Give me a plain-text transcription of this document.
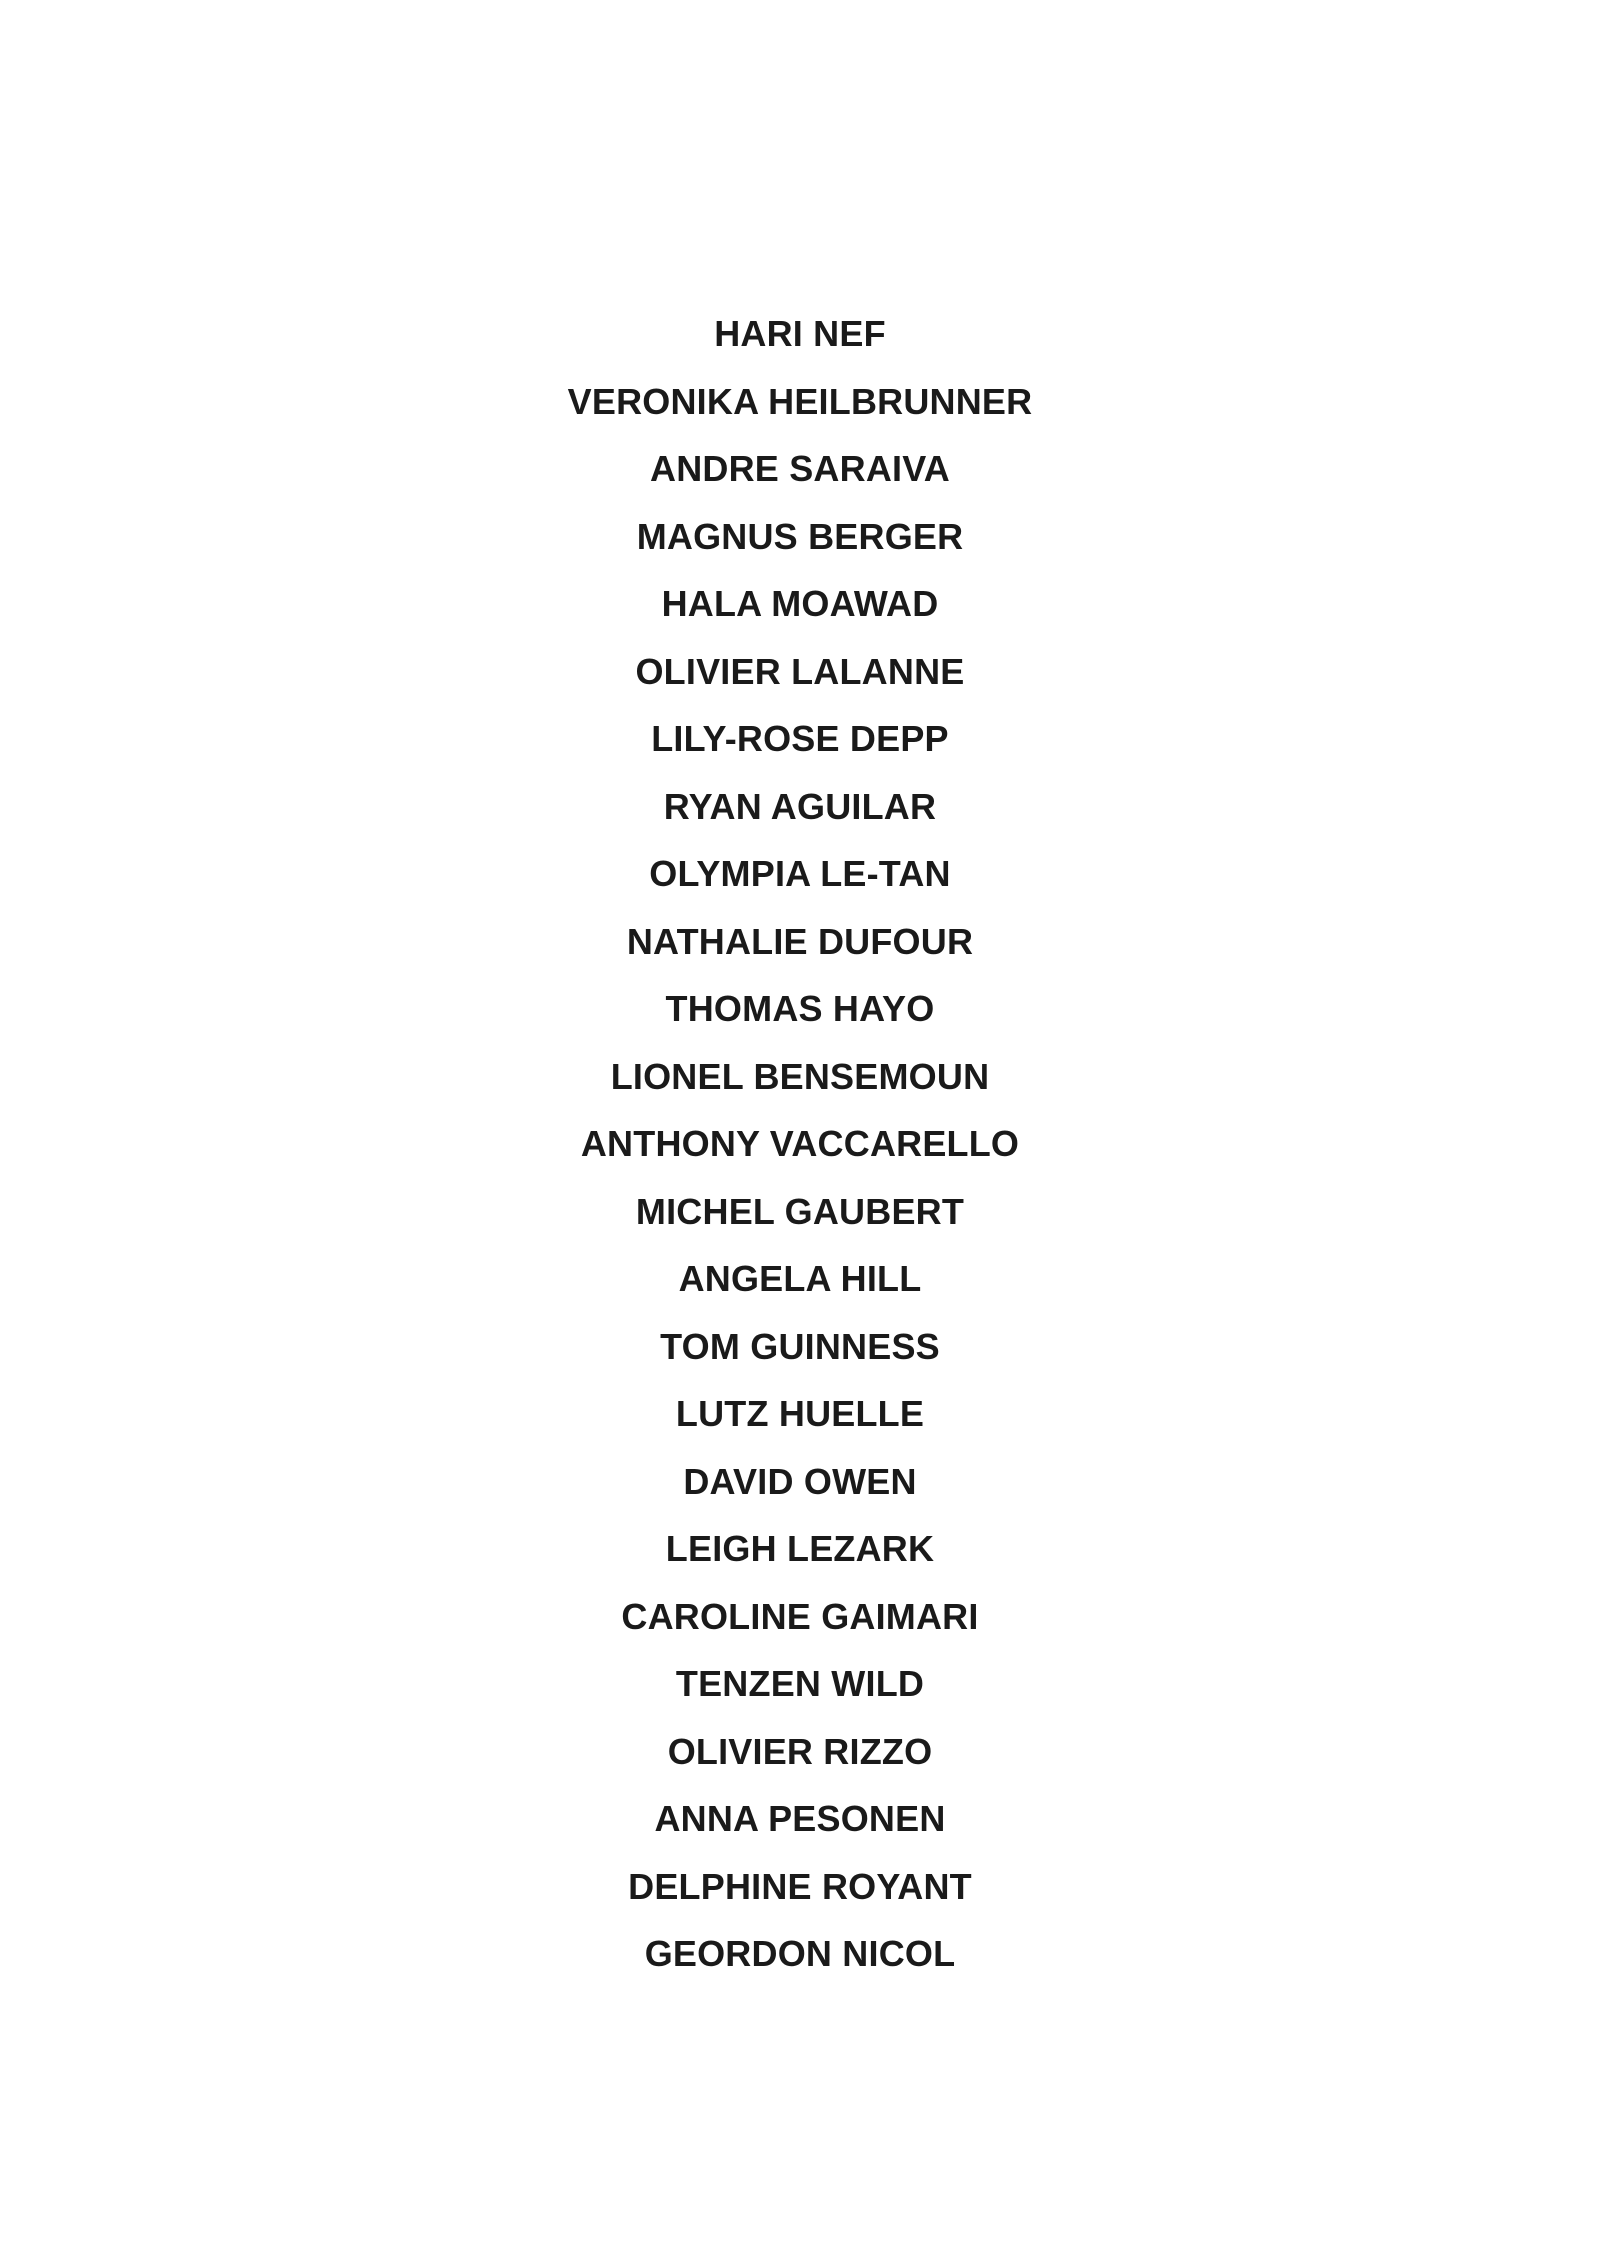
HARI NEF
VERONIKA HEILBRUNNER
ANDRE SARAIVA
MAGNUS BERGER
HALA MOAWAD
OLIVIER LALANNE
LILY-ROSE DEPP
RYAN AGUILAR
OLYMPIA LE-TAN
NATHALIE DUFOUR
THOMAS HAYO
LIONEL BENSEMOUN
ANTHONY VACCARELLO
MICHEL GAUBERT
ANGELA HILL
TOM GUINNESS
LUTZ HUELLE
DAVID OWEN
LEIGH LEZARK
CAROLINE GAIMARI
TENZEN WILD
OLIVIER RIZZO
ANNA PESONEN
DELPHINE ROYANT
GEORDON NICOL
